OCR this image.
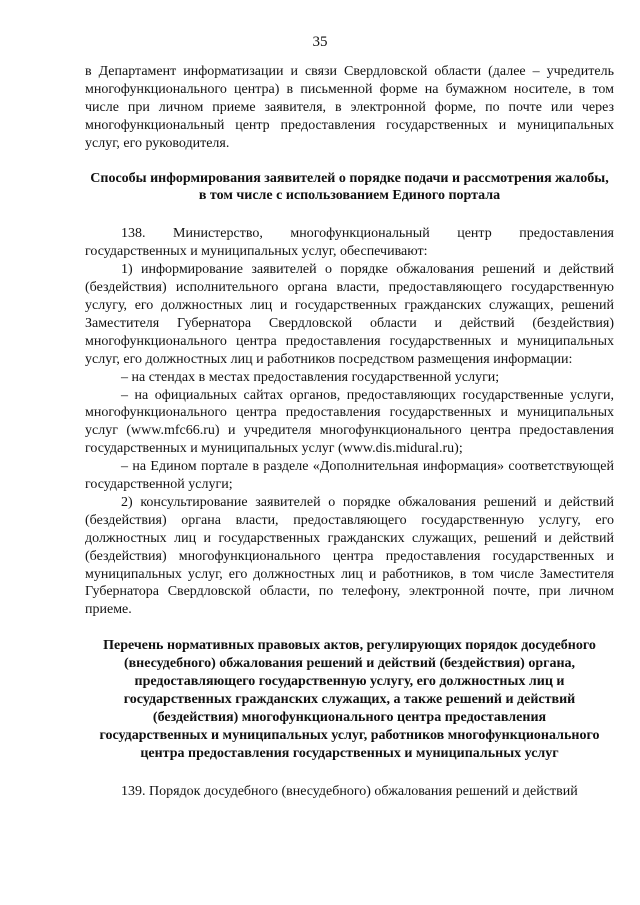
35

в Департамент информатизации и связи Свердловской области (далее – учредитель многофункционального центра) в письменной форме на бумажном носителе, в том числе при личном приеме заявителя, в электронной форме, по почте или через многофункциональный центр предоставления государственных и муниципальных услуг, его руководителя.

Способы информирования заявителей о порядке подачи и рассмотрения жалобы, в том числе с использованием Единого портала

138. Министерство, многофункциональный центр предоставления государственных и муниципальных услуг, обеспечивают:

1) информирование заявителей о порядке обжалования решений и действий (бездействия) исполнительного органа власти, предоставляющего государственную услугу, его должностных лиц и государственных гражданских служащих, решений Заместителя Губернатора Свердловской области и действий (бездействия) многофункционального центра предоставления государственных и муниципальных услуг, его должностных лиц и работников посредством размещения информации:

– на стендах в местах предоставления государственной услуги;

– на официальных сайтах органов, предоставляющих государственные услуги, многофункционального центра предоставления государственных и муниципальных услуг (www.mfc66.ru) и учредителя многофункционального центра предоставления государственных и муниципальных услуг (www.dis.midural.ru);

– на Едином портале в разделе «Дополнительная информация» соответствующей государственной услуги;

2) консультирование заявителей о порядке обжалования решений и действий (бездействия) органа власти, предоставляющего государственную услугу, его должностных лиц и государственных гражданских служащих, решений и действий (бездействия) многофункционального центра предоставления государственных и муниципальных услуг, его должностных лиц и работников, в том числе Заместителя Губернатора Свердловской области, по телефону, электронной почте, при личном приеме.

Перечень нормативных правовых актов, регулирующих порядок досудебного (внесудебного) обжалования решений и действий (бездействия) органа, предоставляющего государственную услугу, его должностных лиц и государственных гражданских служащих, а также решений и действий (бездействия) многофункционального центра предоставления государственных и муниципальных услуг, работников многофункционального центра предоставления государственных и муниципальных услуг

139. Порядок досудебного (внесудебного) обжалования решений и действий
